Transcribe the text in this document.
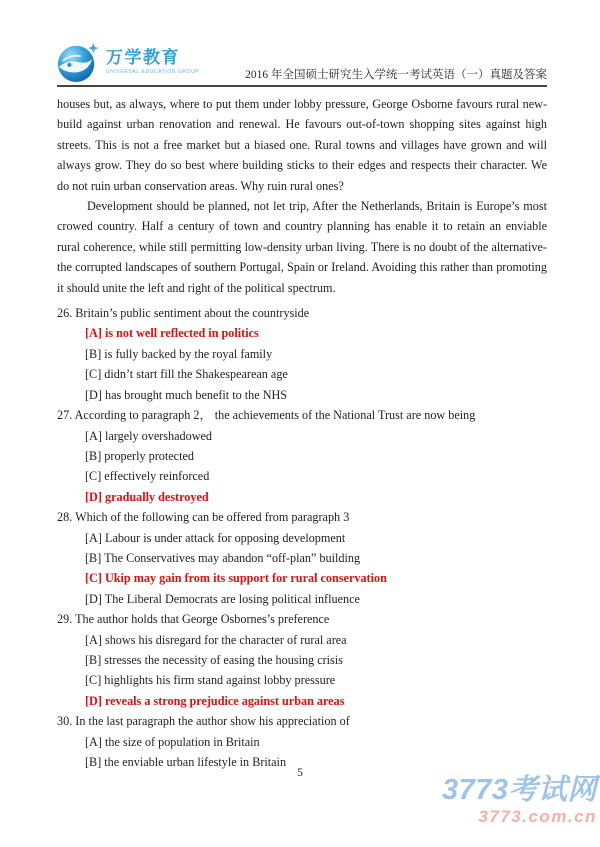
万学教育
UNIVERSAL EDUCATION GROUP	2016 年全国硕士研究生入学统一考试英语（一）真题及答案

houses but, as always, where to put them under lobby pressure, George Osborne favours rural new-build against urban renovation and renewal. He favours out-of-town shopping sites against high streets. This is not a free market but a biased one. Rural towns and villages have grown and will always grow. They do so best where building sticks to their edges and respects their character. We do not ruin urban conservation areas. Why ruin rural ones?

Development should be planned, not let trip, After the Netherlands, Britain is Europe’s most crowed country. Half a century of town and country planning has enable it to retain an enviable rural coherence, while still permitting low-density urban living. There is no doubt of the alternative-the corrupted landscapes of southern Portugal, Spain or Ireland. Avoiding this rather than promoting it should unite the left and right of the political spectrum.

26. Britain’s public sentiment about the countryside
[A] is not well reflected in politics
[B] is fully backed by the royal family
[C] didn’t start fill the Shakespearean age
[D] has brought much benefit to the NHS
27. According to paragraph 2， the achievements of the National Trust are now being
[A] largely overshadowed
[B] properly protected
[C] effectively reinforced
[D] gradually destroyed
28. Which of the following can be offered from paragraph 3
[A] Labour is under attack for opposing development
[B] The Conservatives may abandon “off-plan” building
[C] Ukip may gain from its support for rural conservation
[D] The Liberal Democrats are losing political influence
29. The author holds that George Osbornes’s preference
[A] shows his disregard for the character of rural area
[B] stresses the necessity of easing the housing crisis
[C] highlights his firm stand against lobby pressure
[D] reveals a strong prejudice against urban areas
30. In the last paragraph the author show his appreciation of
[A] the size of population in Britain
[B] the enviable urban lifestyle in Britain
5
3773考试网
3773.com.cn
